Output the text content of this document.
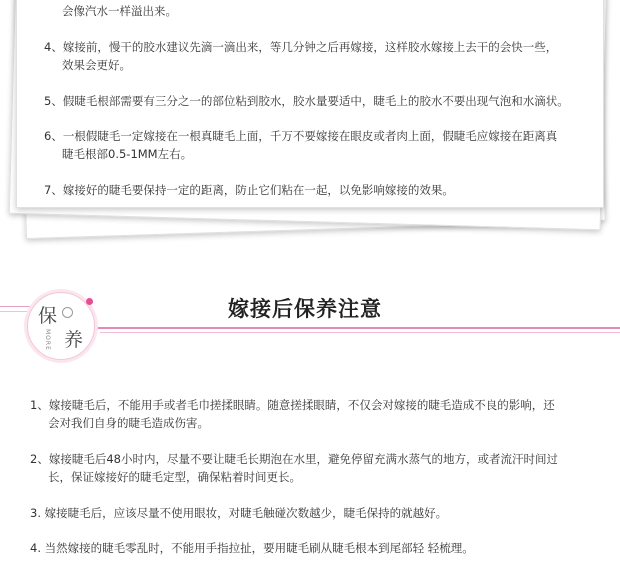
会像汽水一样溢出来。
4、嫁接前，慢干的胶水建议先滴一滴出来，等几分钟之后再嫁接，这样胶水嫁接上去干的会快一些，
效果会更好。
5、假睫毛根部需要有三分之一的部位粘到胶水，胶水量要适中，睫毛上的胶水不要出现气泡和水滴状。
6、一根假睫毛一定嫁接在一根真睫毛上面，千万不要嫁接在眼皮或者肉上面，假睫毛应嫁接在距离真
睫毛根部0.5-1MM左右。
7、嫁接好的睫毛要保持一定的距离，防止它们粘在一起，以免影响嫁接的效果。
保
养
MORE
嫁接后保养注意
1、嫁接睫毛后，不能用手或者毛巾搓揉眼睛。随意搓揉眼睛，不仅会对嫁接的睫毛造成不良的影响，还
会对我们自身的睫毛造成伤害。
2、嫁接睫毛后48小时内，尽量不要让睫毛长期泡在水里，避免停留充满水蒸气的地方，或者流汗时间过
长，保证嫁接好的睫毛定型，确保粘着时间更长。
3. 嫁接睫毛后，应该尽量不使用眼妆，对睫毛触碰次数越少，睫毛保持的就越好。
4. 当然嫁接的睫毛零乱时，不能用手指拉扯，要用睫毛刷从睫毛根本到尾部轻 轻梳理。
